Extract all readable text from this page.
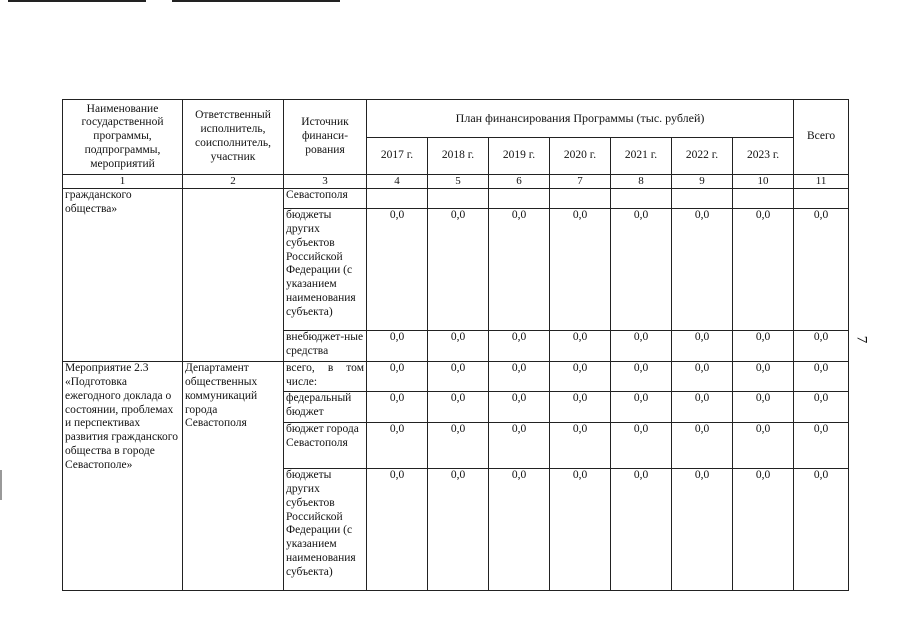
7
Наименование государственной программы, подпрограммы, мероприятий	Ответственный исполнитель, соисполнитель, участник	Источник финанси-рования	План финансирования Программы (тыс. рублей)							Всего
			2017 г.	2018 г.	2019 г.	2020 г.	2021 г.	2022 г.	2023 г.	
1	2	3	4	5	6	7	8	9	10	11
гражданского общества»		Севастополя								
		бюджеты других субъектов Российской Федерации (с указанием наименования субъекта)	0,0	0,0	0,0	0,0	0,0	0,0	0,0	0,0
		внебюджет-ные средства	0,0	0,0	0,0	0,0	0,0	0,0	0,0	0,0
Мероприятие 2.3 «Подготовка ежегодного доклада о состоянии, проблемах и перспективах развития гражданского общества в городе Севастополе»	Департамент общественных коммуникаций города Севастополя	всего, в том числе:	0,0	0,0	0,0	0,0	0,0	0,0	0,0	0,0
		федеральный бюджет	0,0	0,0	0,0	0,0	0,0	0,0	0,0	0,0
		бюджет города Севастополя	0,0	0,0	0,0	0,0	0,0	0,0	0,0	0,0
		бюджеты других субъектов Российской Федерации (с указанием наименования субъекта)	0,0	0,0	0,0	0,0	0,0	0,0	0,0	0,0
